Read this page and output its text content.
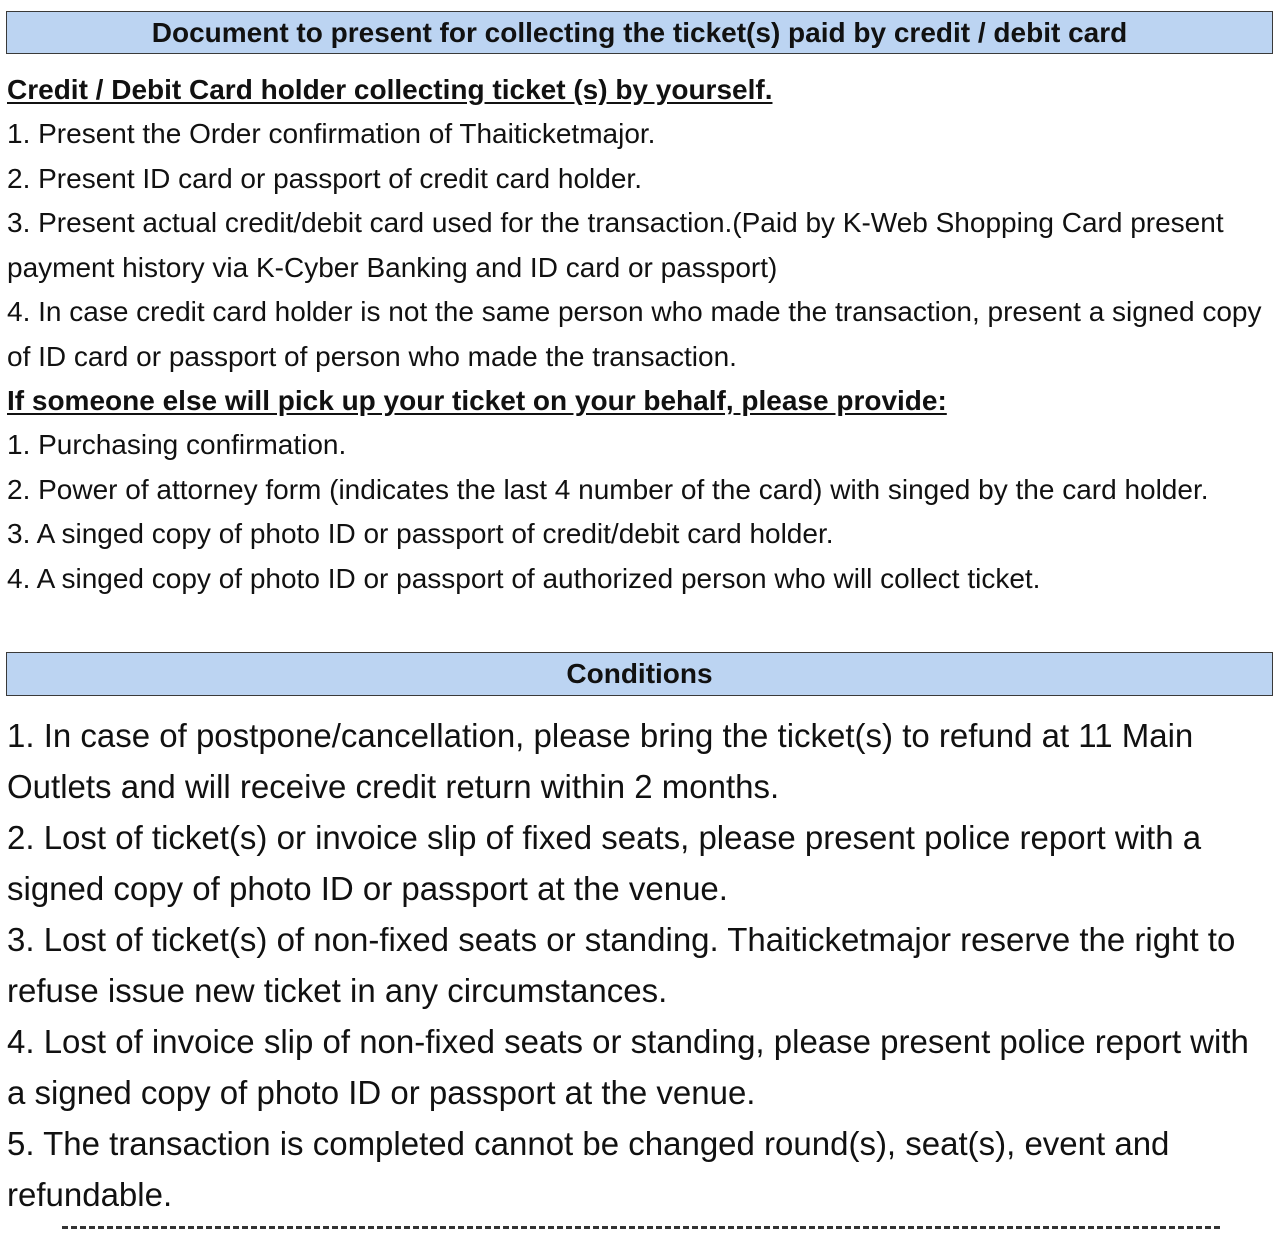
Document to present for collecting the ticket(s) paid by credit / debit card

Credit / Debit Card holder collecting ticket (s) by yourself.

1. Present the Order confirmation of Thaiticketmajor.

2. Present ID card or passport of credit card holder.

3. Present actual credit/debit card used for the transaction.(Paid by K-Web Shopping Card present payment history via K-Cyber Banking and ID card or passport)

4. In case credit card holder is not the same person who made the transaction, present a signed copy of ID card or passport of person who made the transaction.

If someone else will pick up your ticket on your behalf, please provide:

1. Purchasing confirmation.

2. Power of attorney form (indicates the last 4 number of the card) with singed by the card holder.

3. A singed copy of photo ID or passport of credit/debit card holder.

4. A singed copy of photo ID or passport of authorized person who will collect ticket.

Conditions

1. In case of postpone/cancellation, please bring the ticket(s) to refund at 11 Main Outlets and will receive credit return within 2 months.

2. Lost of ticket(s) or invoice slip of fixed seats, please present police report with a signed copy of photo ID or passport at the venue.

3. Lost of ticket(s) of non-fixed seats or standing. Thaiticketmajor reserve the right to refuse issue new ticket in any circumstances.

4. Lost of invoice slip of non-fixed seats or standing, please present police report with a signed copy of photo ID or passport at the venue.

5. The transaction is completed cannot be changed round(s), seat(s), event and refundable.
